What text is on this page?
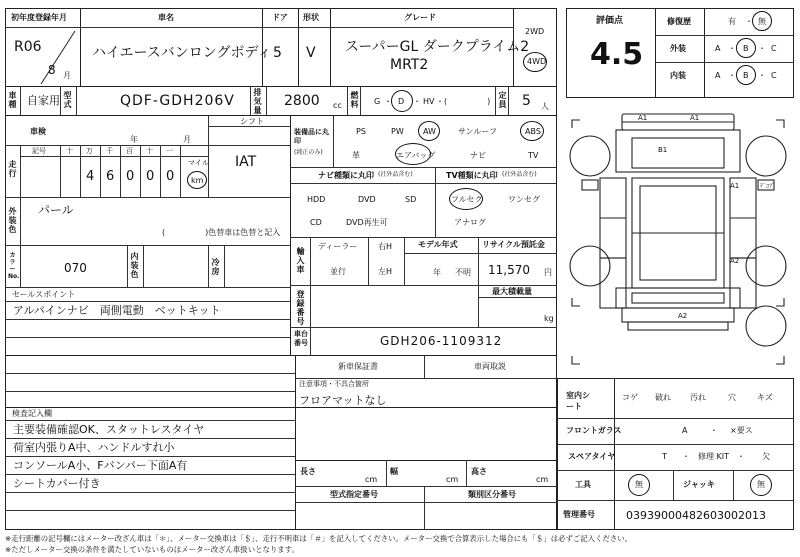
初年度登録年月
R06
8 月
車名
ハイエースバンロングボディ
ドア
5
形状
V
グレード
スーパーGL ダークプライム2
MRT2
2WD
4WD
評価点
4.5
修復歴	有 ・ 無
外装	A ・ B ・ C
内装	A ・ B ・ C
車種 自家用 型式	QDF-GDH206V
排気量
2800 cc
燃料 G ・ D ・ HV ・(　　　　　)
定員 5 人
車検
年	月
シフト
IAT
走行
記号	十 万 千 百 十 一
4 6 0 0 0
マイル
km
外装色
パール
(　　　　　)色替車は色替と記入
カラーNo.
070
内装色
冷房
セールスポイント
アルパインナビ　両側電動　ベットキット
検査記入欄
主要装備確認OK、スタットレスタイヤ
荷室内張りA中、ハンドルすれ小
コンソールA小、Fバンパー下面A有
シートカバー付き
装備品に丸印
(純正のみ)
PS	PW AW	サンルーフ	ABS
革	エアバッグ	ナビ	TV
ナビ種類に丸印 (社外品含む)	TV種類に丸印 (社外品含む)
HDD	DVD	SD
CD	DVD再生可
フルセグ	ワンセグ
アナログ
輸入車
ディーラー
並行
右H
左H
モデル年式
年 不明
リサイクル預託金
11,570 円
登録番号
最大積載量
kg
車台番号	GDH206-1109312
新車保証書	車両取説
注意事項・不具合箇所
フロアマットなし
長さ
cm
幅
cm
高さ
cm
型式指定番号	類別区分番号
室内シート
コゲ 破れ 汚れ	穴	キズ
フロントガラス	A	・ ×要ス
スペアタイヤ	T ・ 修理 KIT ・ 欠
工具	無	ジャッキ	無
管理番号	03939000482603002013
A1	A1
B1
A1	ﾃﾞｺﾌﾞ
A2
A2
※走行距離の記号欄にはメーター改ざん車は「＊」、メーター交換車は「＄」、走行不明車は「＃」を記入してください。メーター交換で合算表示した場合にも「＄」は必ずご記入ください。
※ただしメーター交換の条件を満たしていないものはメーター改ざん車扱いとなります。
